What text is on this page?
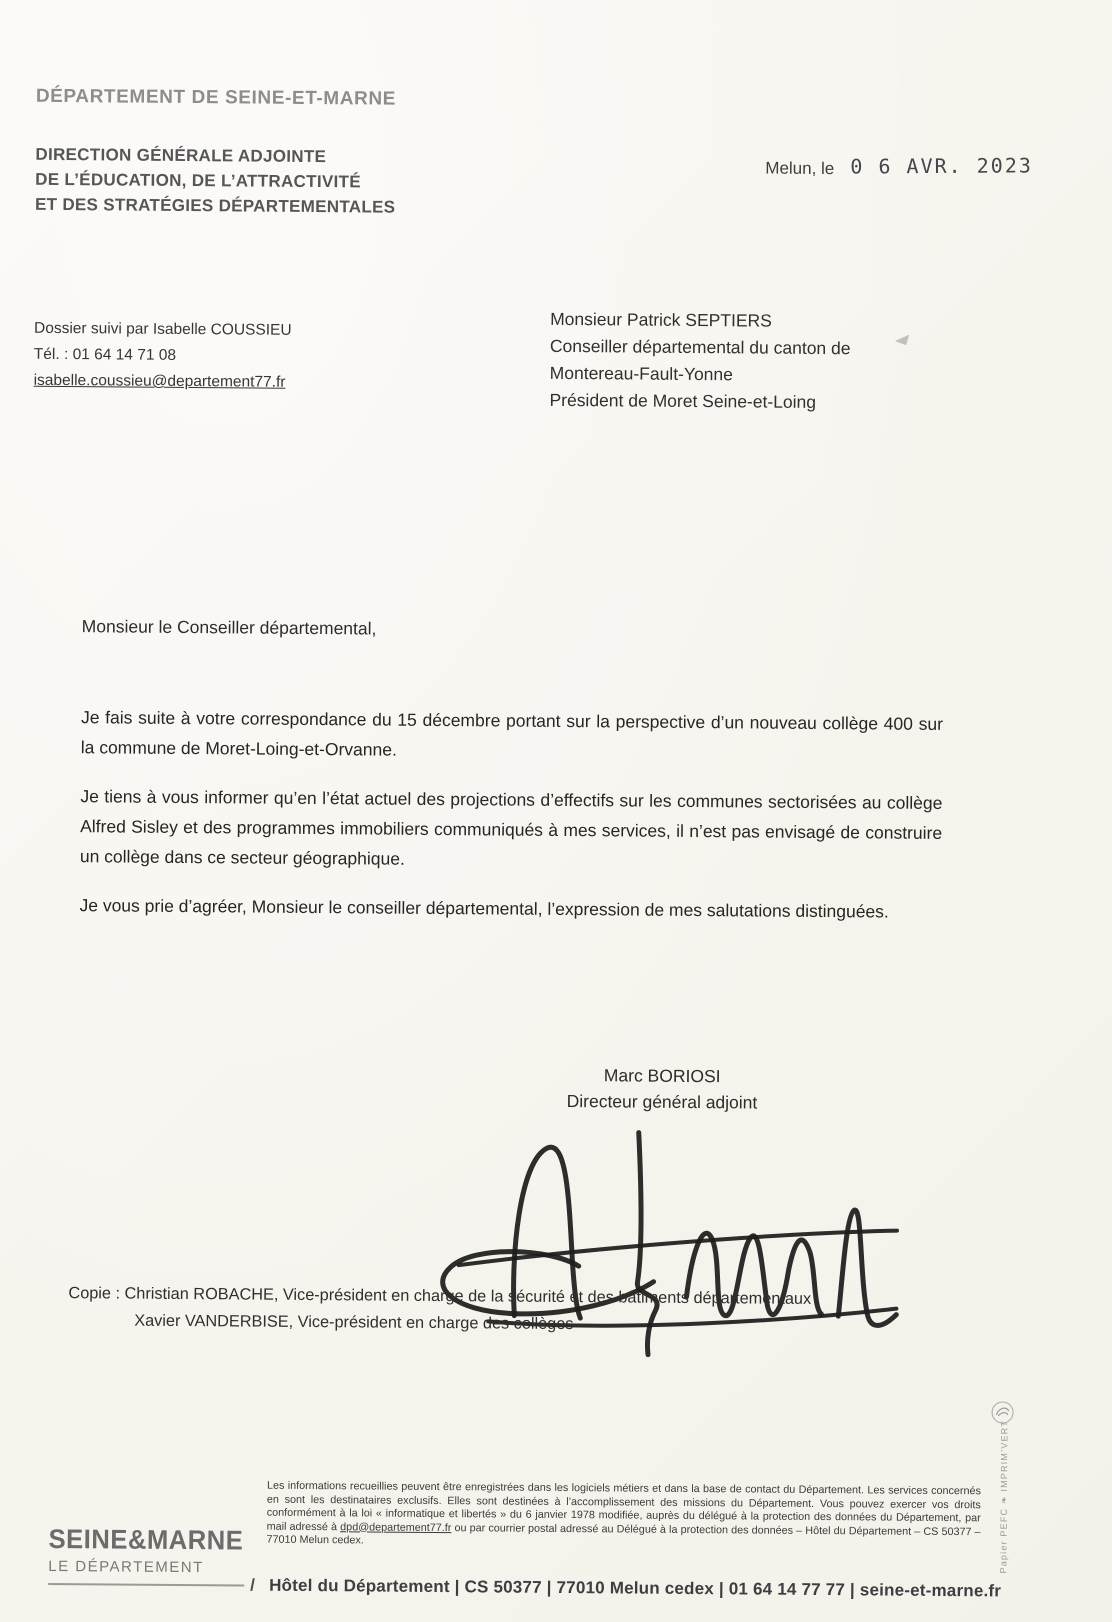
DÉPARTEMENT DE SEINE-ET-MARNE
DIRECTION GÉNÉRALE ADJOINTE
DE L’ÉDUCATION, DE L’ATTRACTIVITÉ
ET DES STRATÉGIES DÉPARTEMENTALES
Melun, le 0 6 AVR. 2023
Dossier suivi par Isabelle COUSSIEU
Tél. : 01 64 14 71 08
isabelle.coussieu@departement77.fr
Monsieur Patrick SEPTIERS
Conseiller départemental du canton de
Montereau-Fault-Yonne
Président de Moret Seine-et-Loing
Monsieur le Conseiller départemental,

Je fais suite à votre correspondance du 15 décembre portant sur la perspective d’un nouveau collège 400 sur la commune de Moret-Loing-et-Orvanne.

Je tiens à vous informer qu’en l’état actuel des projections d’effectifs sur les communes sectorisées au collège Alfred Sisley et des programmes immobiliers communiqués à mes services, il n’est pas envisagé de construire un collège dans ce secteur géographique.

Je vous prie d’agréer, Monsieur le conseiller départemental, l’expression de mes salutations distinguées.

Marc BORIOSI
Directeur général adjoint
Copie : Christian ROBACHE, Vice-président en charge de la sécurité et des bâtiments départementaux
Xavier VANDERBISE, Vice-président en charge des collèges
Les informations recueillies peuvent être enregistrées dans les logiciels métiers et dans la base de contact du Département. Les services concernés en sont les destinataires exclusifs. Elles sont destinées à l’accomplissement des missions du Département. Vous pouvez exercer vos droits conformément à la loi « informatique et libertés » du 6 janvier 1978 modifiée, auprès du délégué à la protection des données du Département, par mail adressé à dpd@departement77.fr ou par courrier postal adressé au Délégué à la protection des données – Hôtel du Département – CS 50377 – 77010 Melun cedex.
SEINE&MARNE
LE DÉPARTEMENT
/ Hôtel du Département | CS 50377 | 77010 Melun cedex | 01 64 14 77 77 | seine-et-marne.fr
Papier PEFC ❧ IMPRIM’VERT
